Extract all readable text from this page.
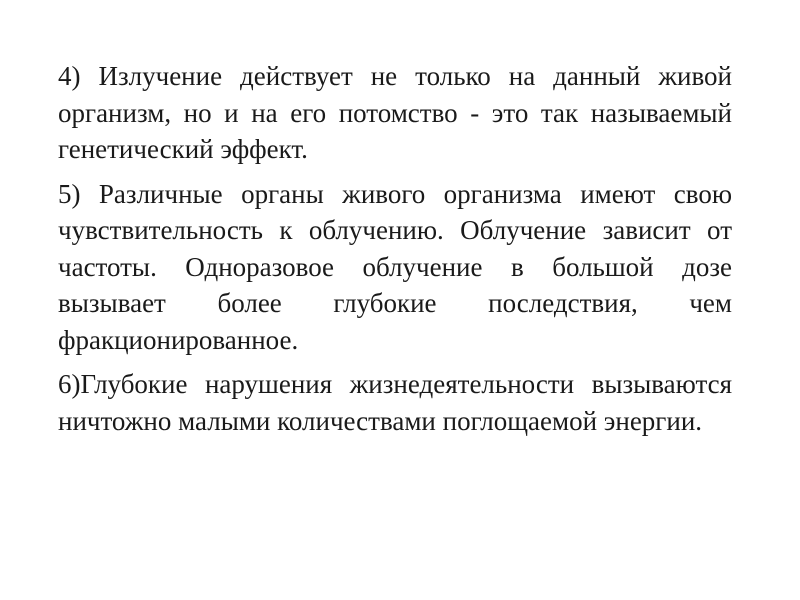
4) Излучение действует не только на данный живой организм, но и на его потомство - это так называемый генетический эффект.

5) Различные органы живого организма имеют свою чувствительность к облучению. Облучение зависит от частоты. Одноразовое облучение в большой дозе вызывает более глубокие последствия, чем фракционированное.

6)Глубокие нарушения жизнедеятельности вызываются ничтожно малыми количествами поглощаемой энергии.
